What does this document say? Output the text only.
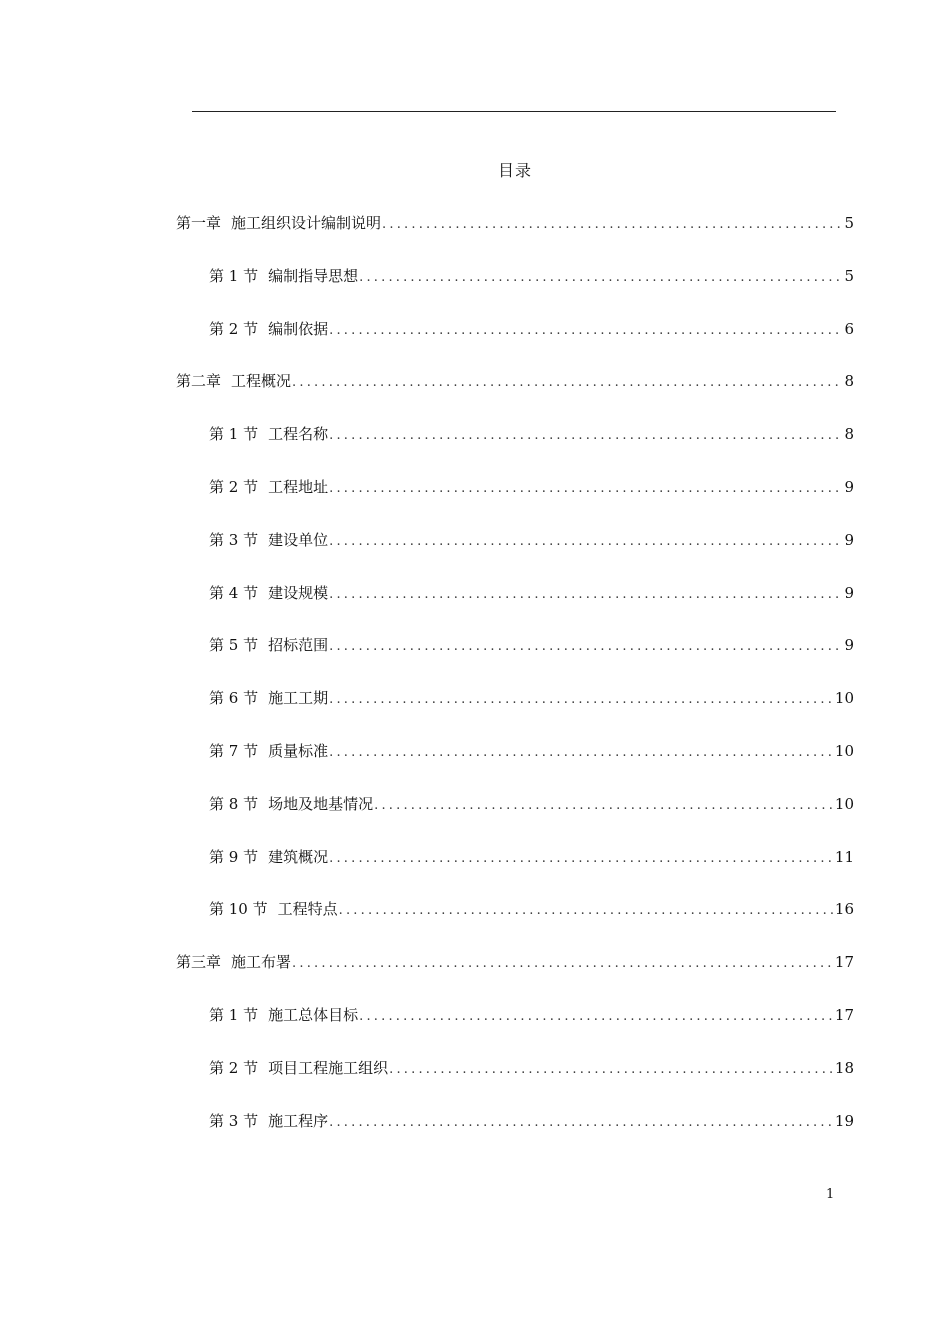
目录
第一章 施工组织设计编制说明 .....	5
第 1 节 编制指导思想 .....	5
第 2 节 编制依据 .....	6
第二章 工程概况 .....	8
第 1 节 工程名称 .....	8
第 2 节 工程地址 .....	9
第 3 节 建设单位 .....	9
第 4 节 建设规模 .....	9
第 5 节 招标范围 .....	9
第 6 节 施工工期 .....	10
第 7 节 质量标准 .....	10
第 8 节 场地及地基情况 .....	10
第 9 节 建筑概况 .....	11
第 10 节 工程特点 .....	16
第三章 施工布署 .....	17
第 1 节 施工总体目标 .....	17
第 2 节 项目工程施工组织 .....	18
第 3 节 施工程序 .....	19
1
